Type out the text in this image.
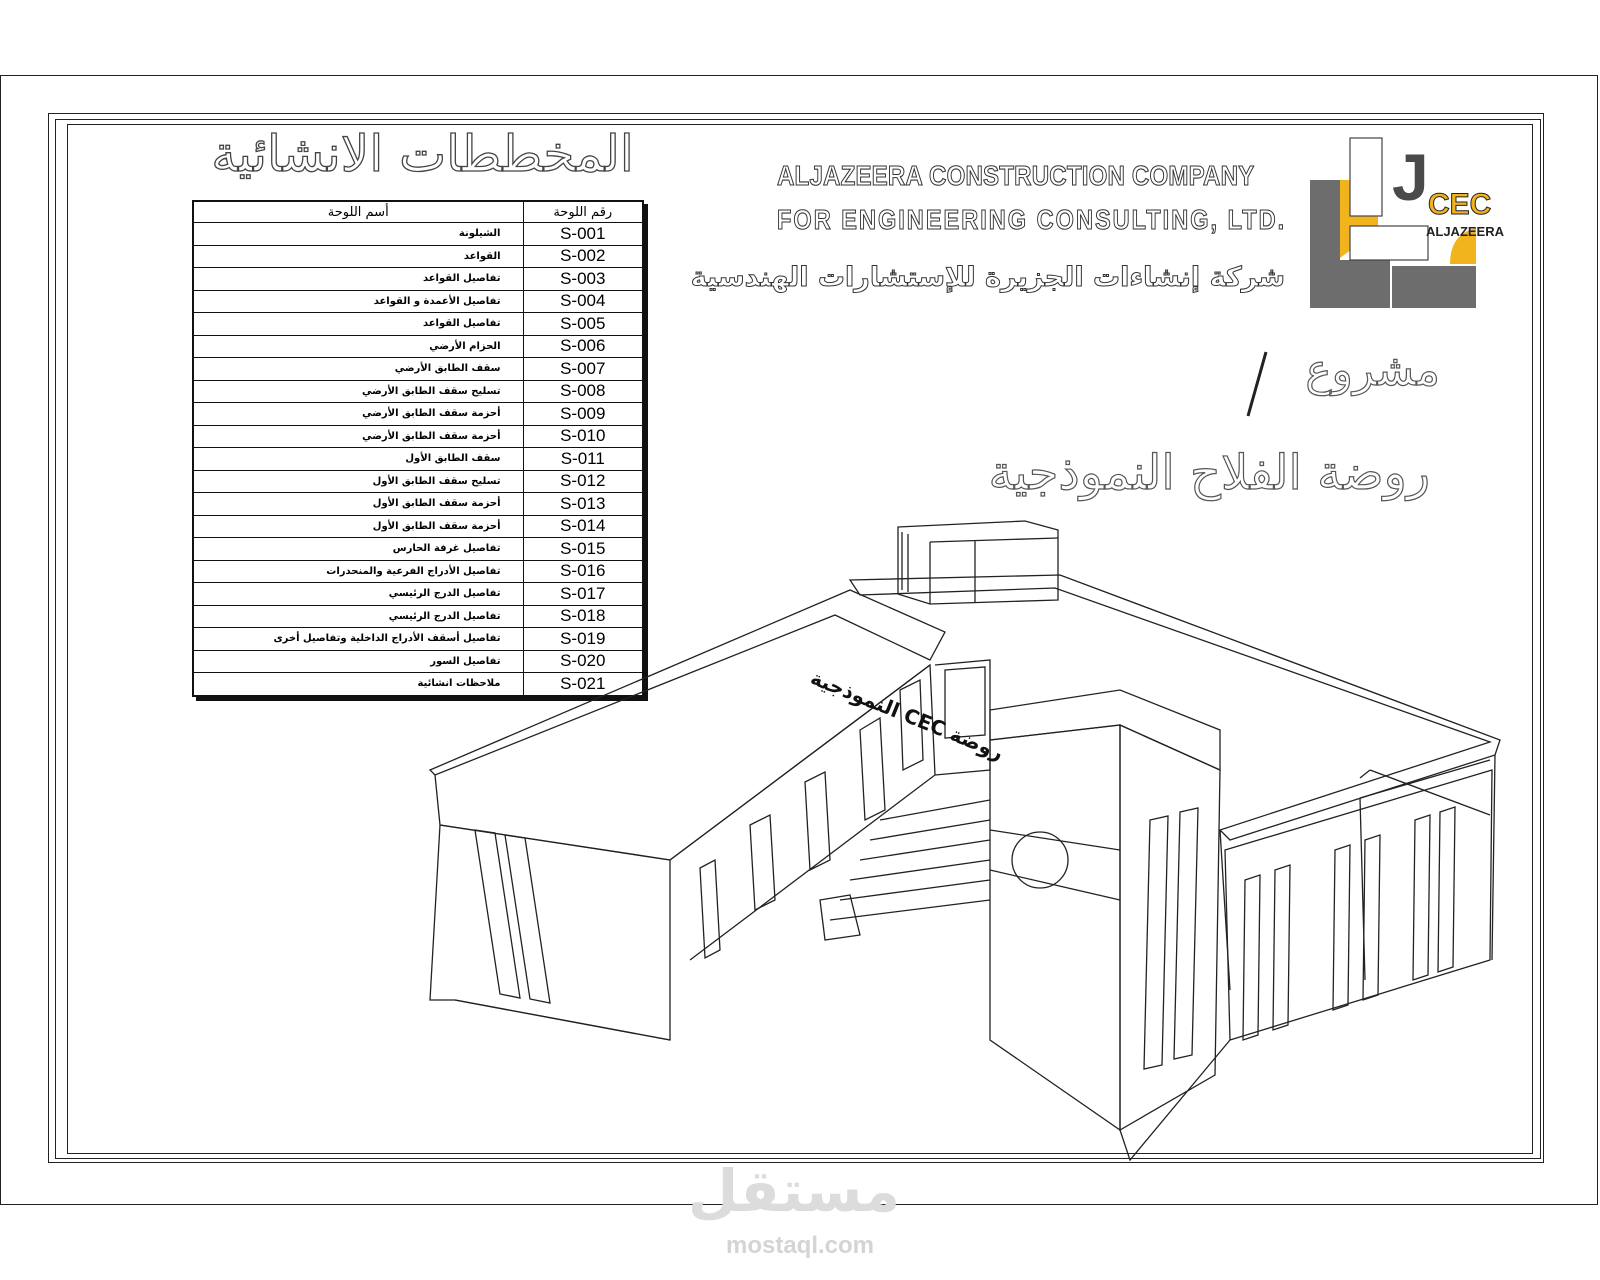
المخططات الانشائية
أسم اللوحة	رقم اللوحة
الشيلونة	S-001
القواعد	S-002
تفاصيل القواعد	S-003
تفاصيل الأعمدة و القواعد	S-004
تفاصيل القواعد	S-005
الحزام الأرضي	S-006
سقف الطابق الأرضي	S-007
تسليح سقف الطابق الأرضي	S-008
أحزمة سقف الطابق الأرضي	S-009
أحزمة سقف الطابق الأرضي	S-010
سقف الطابق الأول	S-011
تسليح سقف الطابق الأول	S-012
أحزمة سقف الطابق الأول	S-013
أحزمة سقف الطابق الأول	S-014
تفاصيل غرفة الحارس	S-015
تفاصيل الأدراج الفرعية والمنحدرات	S-016
تفاصيل الدرج الرئيسي	S-017
تفاصيل الدرج الرئيسي	S-018
تفاصيل أسقف الأدراج الداخلية وتفاصيل أخرى	S-019
تفاصيل السور	S-020
ملاحظات انشائية	S-021
ALJAZEERA CONSTRUCTION COMPANY
FOR ENGINEERING CONSULTING, LTD.
شركة إنشاءات الجزيرة للإستشارات الهندسية
J CEC
ALJAZEERA
مشروع
روضة الفلاح النموذجية
روضة CEC النموذجية
مستقل
mostaql.com
